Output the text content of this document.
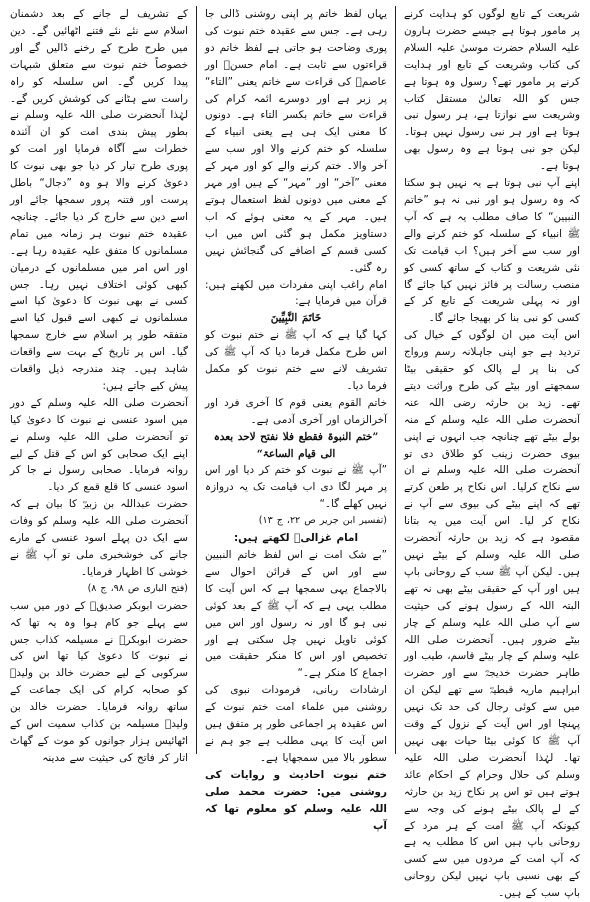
شریعت کے تابع لوگوں کو ہدایت کرنے پر مامور ہوتا ہے جیسے حضرت ہارون علیہ السلام حضرت موسیٰ علیہ السلام کی کتاب وشریعت کے تابع اور ہدایت کرنے پر مامور تھے؟ رسول وہ ہوتا ہے جس کو اللہ تعالیٰ مستقل کتاب وشریعت سے نوازتا ہے، ہر رسول نبی ہوتا ہے اور ہر نبی رسول نہیں ہوتا۔ لیکن جو نبی ہوتا ہے وہ رسول بھی ہوتا ہے۔

اپنے آپ نبی ہوتا ہے یہ نہیں ہو سکتا کہ وہ رسول ہو اور نبی نہ ہو ”خاتم النبیین“ کا صاف مطلب یہ ہے کہ آپ ﷺ انبیاء کے سلسلہ کو ختم کرنے والے اور سب سے آخر ہیں؟ اب قیامت تک نئی شریعت و کتاب کے ساتھ کسی کو منصب رسالت پر فائز نہیں کیا جائے گا اور نہ پہلی شریعت کے تابع کر کے کسی کو نبی بنا کر بھیجا جائے گا۔

اس آیت میں ان لوگوں کے خیال کی تردید ہے جو اپنی جاہلانہ رسم ورواج کی بنا پر لے پالک کو حقیقی بیٹا سمجھتے اور بیٹے کی طرح وراثت دیتے تھے۔ زید بن حارثہ رضی اللہ عنہ آنحضرت صلی اللہ علیہ وسلم کے منہ بولے بیٹے تھے چنانچہ جب انہوں نے اپنی بیوی حضرت زینب کو طلاق دی تو آنحضرت صلی اللہ علیہ وسلم نے ان سے نکاح کرلیا۔ اس نکاح پر طعن کرتے تھے کہ اپنے بیٹے کی بیوی سے آپ نے نکاح کر لیا۔ اس آیت میں یہ بتانا مقصود ہے کہ زید بن حارثہ آنحضرت صلی اللہ علیہ وسلم کے بیٹے نہیں ہیں۔ لیکن آپ ﷺ سب کے روحانی باپ ہیں اور آپ کے حقیقی بیٹے بھی نہ تھے البتہ اللہ کے رسول ہونے کی حیثیت سے آپ صلی اللہ علیہ وسلم کے چار بیٹے ضرور ہیں۔ آنحضرت صلی اللہ علیہ وسلم کے چار بیٹے قاسم، طیب اور طاہر حضرت خدیجہؓ سے اور حضرت ابراہیم ماریہ قبطیہؓ سے تھے لیکن ان میں سے کوئی رجال کی حد تک نہیں پہنچا اور اس آیت کے نزول کے وقت آپ ﷺ کا کوئی بیٹا حیات بھی نہیں تھا۔ لہٰذا آنحضرت صلی اللہ علیہ وسلم کی حلال وحرام کے احکام عائد ہوتے ہیں تو اس پر نکاح زید بن حارثہ کے لے پالک بیٹے ہونے کی وجہ سے کیونکہ آپ ﷺ امت کے ہر مرد کے روحانی باپ ہیں اس کا مطلب یہ ہے کہ آپ امت کے مردوں میں سے کسی کے بھی نسبی باپ نہیں لیکن روحانی باپ سب کے ہیں۔

یہاں لفظ خاتم پر اپنی روشنی ڈالی جا رہی ہے۔ جس سے عقیدہ ختم نبوت کی پوری وضاحت ہو جاتی ہے لفظ خاتم دو قراءتوں سے ثابت ہے۔ امام حسنؒ اور عاصمؒ کی قراءت سے خاتم یعنی ”التاء“ پر زبر ہے اور دوسرے ائمہ کرام کی قراءت سے خاتم بکسر التاء ہے۔ دونوں کا معنی ایک ہی ہے یعنی انبیاء کے سلسلہ کو ختم کرنے والا اور سب سے آخر والا۔ ختم کرنے والے کو اور مہر کے معنی ”آخر“ اور ”مہر“ کے ہیں اور مہر کے معنی میں دونوں لفظ استعمال ہوتے ہیں۔ مہر کے یہ معنی ہوئے کہ اب دستاویز مکمل ہو گئی اس میں اب کسی قسم کے اضافے کی گنجائش نہیں رہ گئی۔

امام راغب اپنی مفردات میں لکھتے ہیں: قرآن میں فرمایا ہے:

خَاتَمَ النَّبِيِّينَ

کہا گیا ہے کہ آپ ﷺ نے ختم نبوت کو اس طرح مکمل فرما دیا کہ آپ ﷺ کی تشریف لانے سے ختم نبوت کو مکمل فرما دیا۔

خاتم القوم یعنی قوم کا آخری فرد اور آخرالزماں اور آخری آدمی ہے۔

”ختم النبوۃ فقطع فلا نفتح لاحد بعدہ الی قیام الساعۃ“

”آپ ﷺ نے نبوت کو ختم کر دیا اور اس پر مہر لگا دی اب قیامت تک یہ دروازہ نہیں کھلے گا۔“

(تفسیر ابن جریر ص ۲۲، ج ۱۳)

امام غزالیؒ لکھتے ہیں:

”بے شک امت نے اس لفظ خاتم النبیین سے اور اس کے قرائن احوال سے بالاجماع یہی سمجھا ہے کہ اس آیت کا مطلب یہی ہے کہ آپ ﷺ کے بعد کوئی نبی ہو گا اور نہ رسول اور اس میں کوئی تاویل نہیں چل سکتی ہے اور تخصیص اور اس کا منکر حقیقت میں اجماع کا منکر ہے۔“

ارشادات ربانی، فرمودات نبوی کی روشنی میں علماء امت ختم نبوت کے اس عقیدہ پر اجماعی طور پر متفق ہیں اس آیت کا یہی مطلب ہے جو ہم نے سطور بالا میں سمجھایا ہے۔

ختم نبوت احادیث و روایات کی روشنی میں: حضرت محمد صلی اللہ علیہ وسلم کو معلوم تھا کہ آپ

کے تشریف لے جانے کے بعد دشمنان اسلام سے نئے نئے فتنے اٹھائیں گے۔ دین میں طرح طرح کے رخنے ڈالیں گے اور خصوصاً ختم نبوت سے متعلق شبہات پیدا کریں گے۔ اس سلسلہ کو راہ راست سے ہٹانے کی کوشش کریں گے۔ لہٰذا آنحضرت صلی اللہ علیہ وسلم نے بطور پیش بندی امت کو ان آئندہ خطرات سے آگاہ فرمایا اور امت کو پوری طرح تیار کر دیا جو بھی نبوت کا دعویٰ کرنے والا ہو وہ ”دجال“ باطل پرست اور فتنہ پرور سمجھا جائے اور اسے دین سے خارج کر دیا جائے۔ چنانچہ عقیدہ ختم نبوت ہر زمانہ میں تمام مسلمانوں کا متفق علیہ عقیدہ رہا ہے۔ اور اس امر میں مسلمانوں کے درمیان کبھی کوئی اختلاف نہیں رہا۔ جس کسی نے بھی نبوت کا دعویٰ کیا اسے مسلمانوں نے کبھی اسے قبول کیا اسے متفقہ طور پر اسلام سے خارج سمجھا گیا۔ اس پر تاریخ کے بہت سے واقعات شاہد ہیں۔ چند مندرجہ ذیل واقعات پیش کیے جاتے ہیں:

آنحضرت صلی اللہ علیہ وسلم کے دور میں اسود عنسی نے نبوت کا دعویٰ کیا تو آنحضرت صلی اللہ علیہ وسلم نے اپنے ایک صحابی کو اس کے قتل کے لیے روانہ فرمایا۔ صحابی رسول نے جا کر اسود عنسی کا قلع قمع کر دیا۔

حضرت عبداللہ بن زبیرؓ کا بیان ہے کہ آنحضرت صلی اللہ علیہ وسلم کو وفات سے ایک دن پہلے اسود عنسی کے مارے جانے کی خوشخبری ملی تو آپ ﷺ نے خوشی کا اظہار فرمایا۔

(فتح الباری ص ۹۸، ج ۸)

حضرت ابوبکر صدیقؓ کے دور میں سب سے پہلے جو کام ہوا وہ یہ تھا کہ حضرت ابوبکرؓ نے مسیلمہ کذاب جس نے نبوت کا دعویٰ کیا تھا اس کی سرکوبی کے لیے حضرت خالد بن ولیدؓ کو صحابہ کرام کی ایک جماعت کے ساتھ روانہ فرمایا۔ حضرت خالد بن ولیدؓ مسیلمہ بن کذاب سمیت اس کے اٹھائیس ہزار جوانوں کو موت کے گھاٹ اتار کر فاتح کی حیثیت سے مدینہ
